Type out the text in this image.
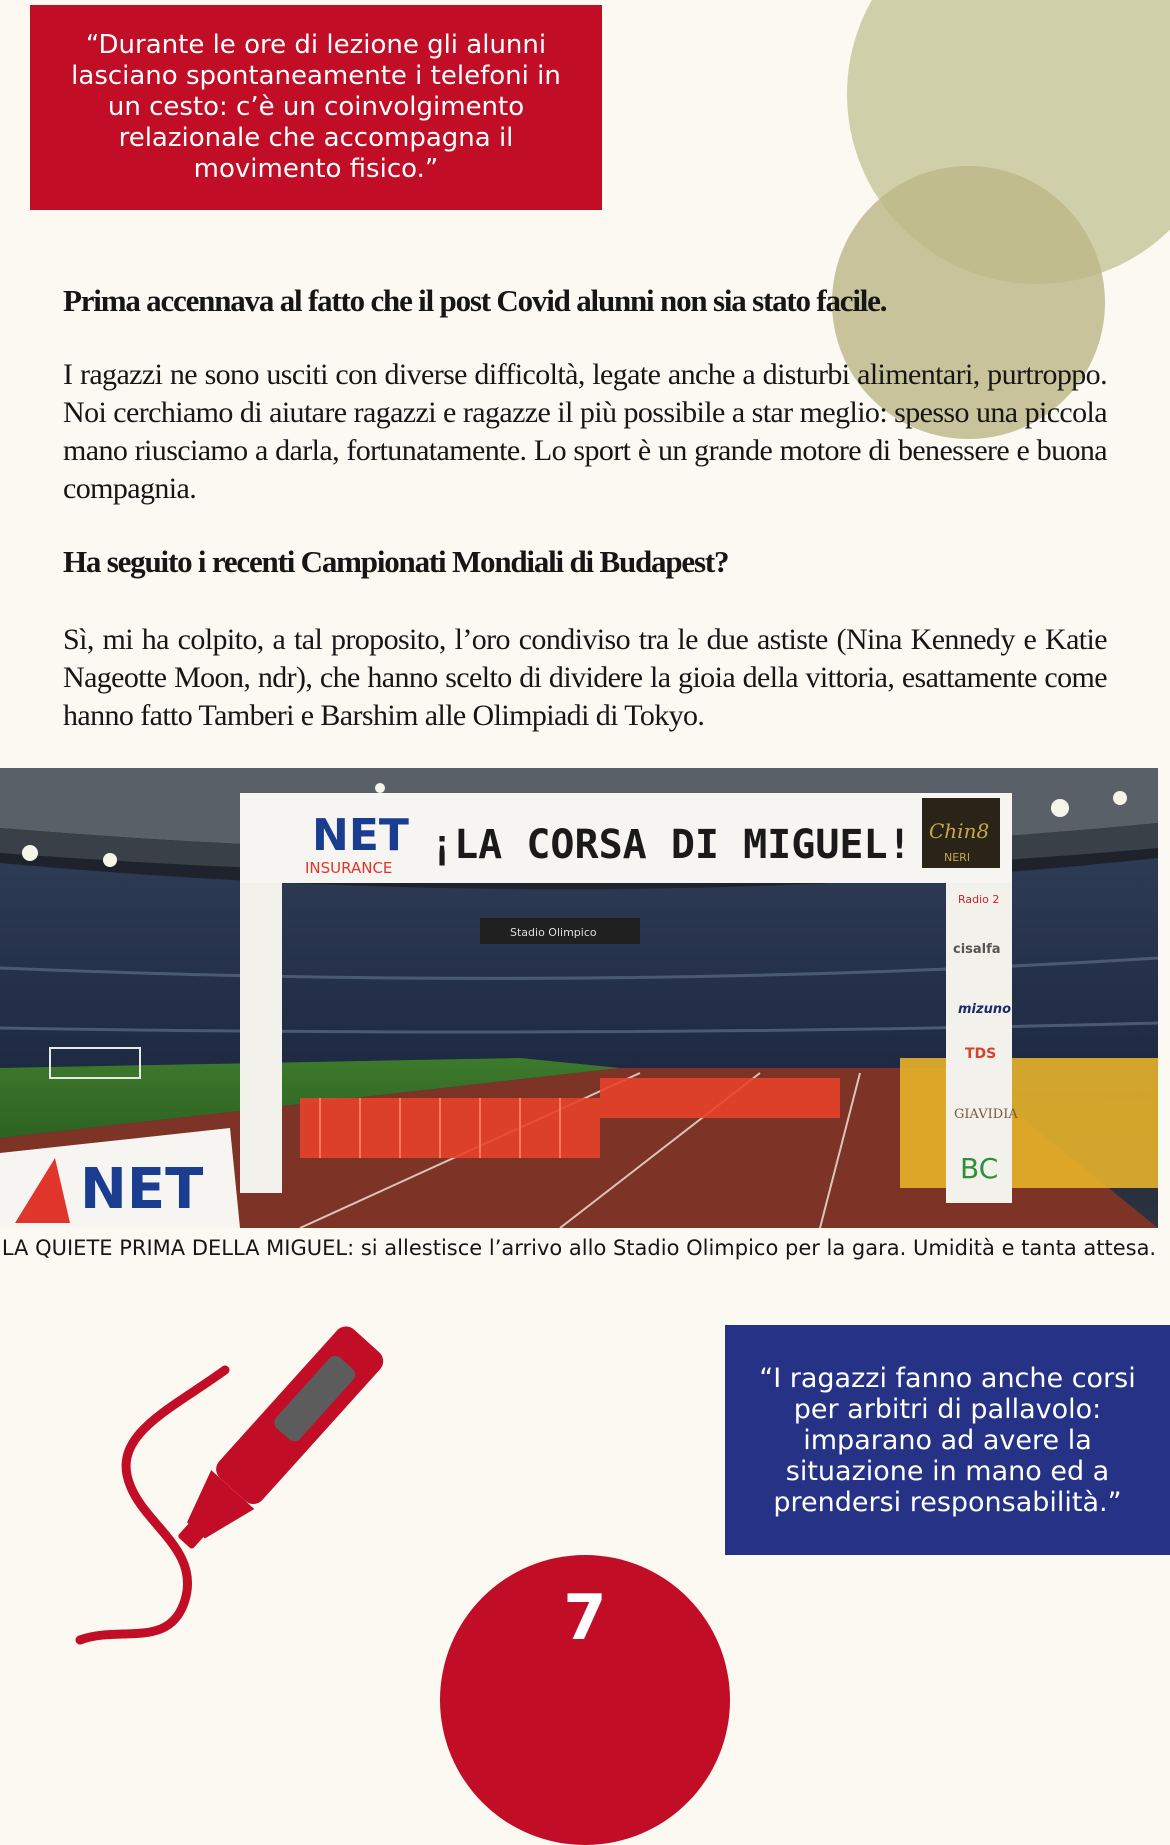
“Durante le ore di lezione gli alunni lasciano spontaneamente i telefoni in un cesto: c’è un coinvolgimento relazionale che accompagna il movimento fisico.”
Prima accennava al fatto che il post Covid alunni non sia stato facile.
I ragazzi ne sono usciti con diverse difficoltà, legate anche a disturbi alimentari, purtroppo. Noi cerchiamo di aiutare ragazzi e ragazze il più possibile a star meglio: spesso una piccola mano riusciamo a darla, fortunatamente. Lo sport è un grande motore di benessere e buona compagnia.
Ha seguito i recenti Campionati Mondiali di Budapest?
Sì, mi ha colpito, a tal proposito, l’oro condiviso tra le due astiste (Nina Kennedy e Katie Nageotte Moon, ndr), che hanno scelto di dividere la gioia della vittoria, esattamente come hanno fatto Tamberi e Barshim alle Olimpiadi di Tokyo.
NET
INSURANCE ¡LA CORSA DI MIGUEL! Chin8
NERI
Stadio Olimpico
Radio 2
cisalfa
mizuno
TDS
GIAVIDIA
BC
NET
LA QUIETE PRIMA DELLA MIGUEL: si allestisce l’arrivo allo Stadio Olimpico per la gara. Umidità e tanta attesa.
“I ragazzi fanno anche corsi per arbitri di pallavolo: imparano ad avere la situazione in mano ed a prendersi responsabilità.”
7
